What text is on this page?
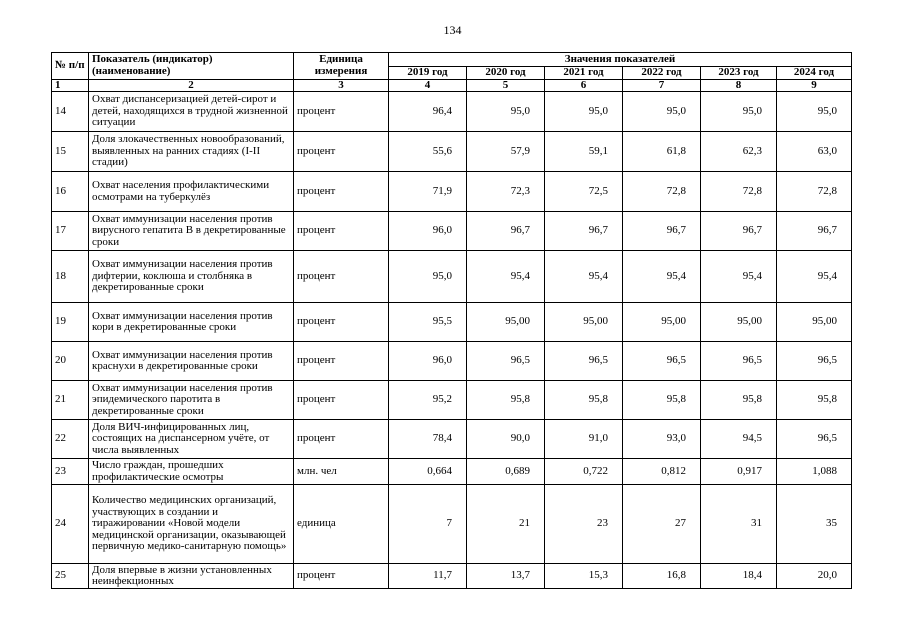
134
№ п/п	Показатель (индикатор) (наименование)	Единица измерения	Значения показателей					
			2019 год	2020 год	2021 год	2022 год	2023 год	2024 год
1	2	3	4	5	6	7	8	9
14	Охват диспансеризацией детей-сирот и детей, находящихся в трудной жизненной ситуации	процент	96,4	95,0	95,0	95,0	95,0	95,0
15	Доля злокачественных новообразований, выявленных на ранних стадиях (I-II стадии)	процент	55,6	57,9	59,1	61,8	62,3	63,0
16	Охват населения профилактическими осмотрами на туберкулёз	процент	71,9	72,3	72,5	72,8	72,8	72,8
17	Охват иммунизации населения против вирусного гепатита В в декретированные сроки	процент	96,0	96,7	96,7	96,7	96,7	96,7
18	Охват иммунизации населения против дифтерии, коклюша и столбняка в декретированные сроки	процент	95,0	95,4	95,4	95,4	95,4	95,4
19	Охват иммунизации населения против кори в декретированные сроки	процент	95,5	95,00	95,00	95,00	95,00	95,00
20	Охват иммунизации населения против краснухи в декретированные сроки	процент	96,0	96,5	96,5	96,5	96,5	96,5
21	Охват иммунизации населения против эпидемического паротита в декретированные сроки	процент	95,2	95,8	95,8	95,8	95,8	95,8
22	Доля ВИЧ-инфицированных лиц, состоящих на диспансерном учёте, от числа выявленных	процент	78,4	90,0	91,0	93,0	94,5	96,5
23	Число граждан, прошедших профилактические осмотры	млн. чел	0,664	0,689	0,722	0,812	0,917	1,088
24	Количество медицинских организаций, участвующих в создании и тиражировании «Новой модели медицинской организации, оказывающей первичную медико-санитарную помощь»	единица	7	21	23	27	31	35
25	Доля впервые в жизни установленных неинфекционных	процент	11,7	13,7	15,3	16,8	18,4	20,0
